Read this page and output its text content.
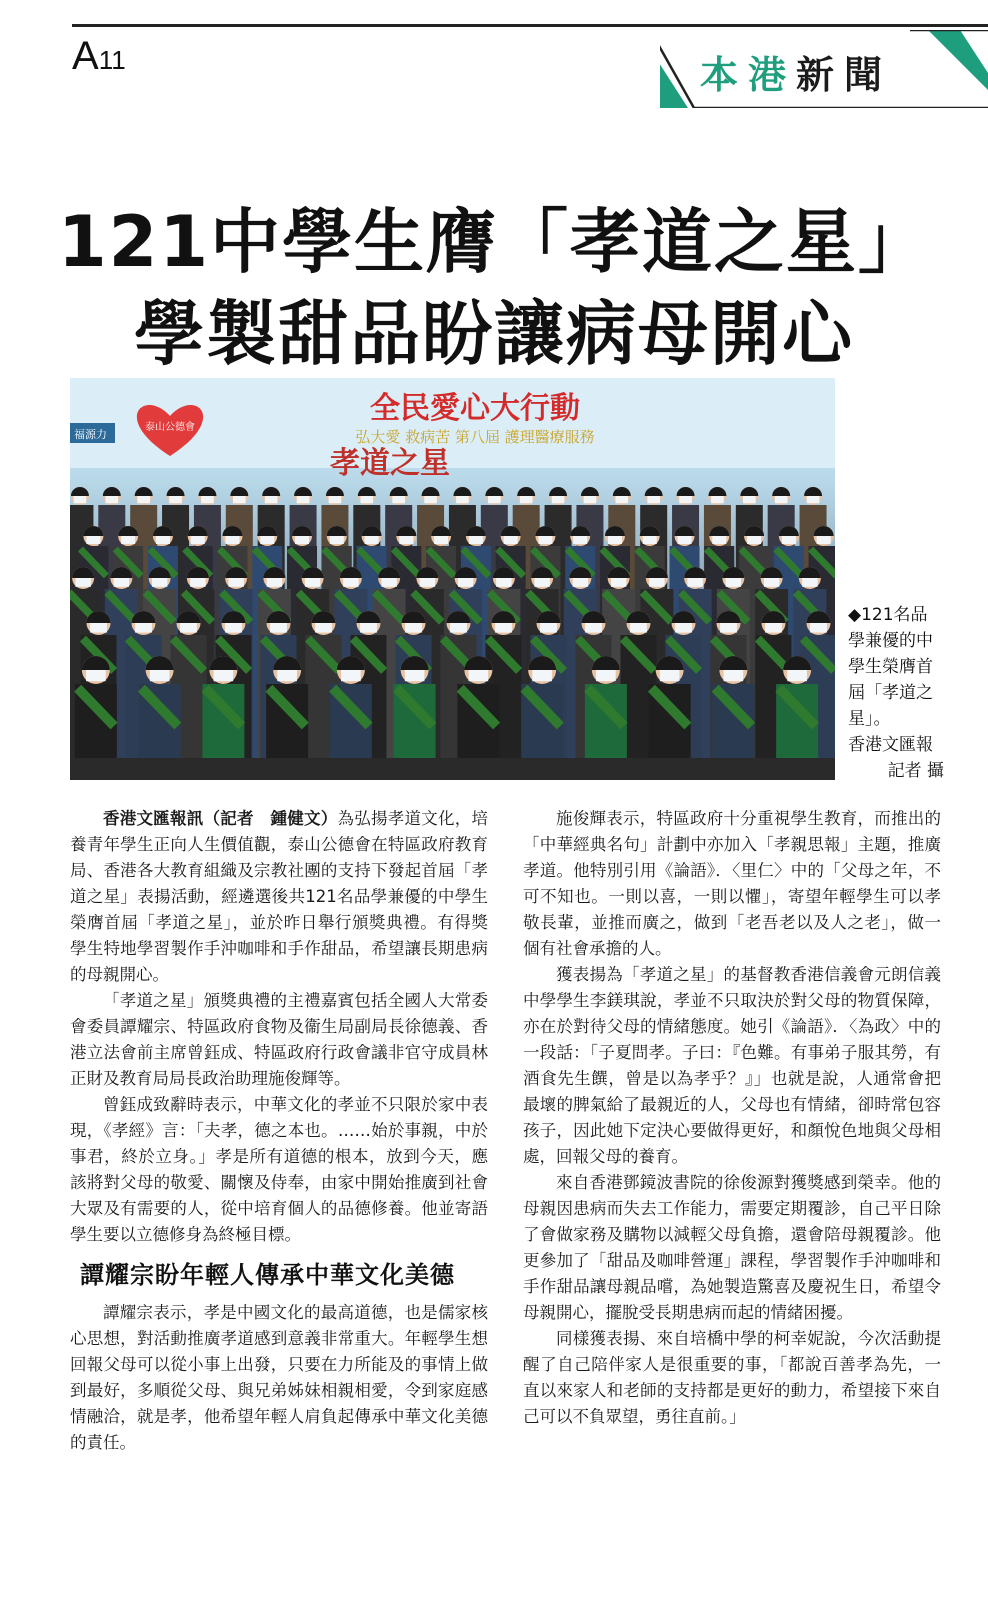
A11	本港新聞
121中學生膺「孝道之星」
學製甜品盼讓病母開心
福源力
泰山公德會
全民愛心大行動
弘大愛 救病苦 第八屆 護理醫療服務
孝道之星
◆121名品學兼優的中學生榮膺首屆「孝道之星」。
香港文匯報
記者 攝

香港文匯報訊（記者　鍾健文）為弘揚孝道文化，培養青年學生正向人生價值觀，泰山公德會在特區政府教育局、香港各大教育組織及宗教社團的支持下發起首屆「孝道之星」表揚活動，經遴選後共121名品學兼優的中學生榮膺首屆「孝道之星」，並於昨日舉行頒獎典禮。有得獎學生特地學習製作手沖咖啡和手作甜品，希望讓長期患病的母親開心。

「孝道之星」頒獎典禮的主禮嘉賓包括全國人大常委會委員譚耀宗、特區政府食物及衞生局副局長徐德義、香港立法會前主席曾鈺成、特區政府行政會議非官守成員林正財及教育局局長政治助理施俊輝等。

曾鈺成致辭時表示，中華文化的孝並不只限於家中表現，《孝經》言：「夫孝，德之本也。……始於事親，中於事君，終於立身。」孝是所有道德的根本，放到今天，應該將對父母的敬愛、關懷及侍奉，由家中開始推廣到社會大眾及有需要的人，從中培育個人的品德修養。他並寄語學生要以立德修身為終極目標。

譚耀宗盼年輕人傳承中華文化美德

譚耀宗表示，孝是中國文化的最高道德，也是儒家核心思想，對活動推廣孝道感到意義非常重大。年輕學生想回報父母可以從小事上出發，只要在力所能及的事情上做到最好，多順從父母、與兄弟姊妹相親相愛，令到家庭感情融洽，就是孝，他希望年輕人肩負起傳承中華文化美德的責任。

施俊輝表示，特區政府十分重視學生教育，而推出的「中華經典名句」計劃中亦加入「孝親思報」主題，推廣孝道。他特別引用《論語》．〈里仁〉中的「父母之年，不可不知也。一則以喜，一則以懼」，寄望年輕學生可以孝敬長輩，並推而廣之，做到「老吾老以及人之老」，做一個有社會承擔的人。

獲表揚為「孝道之星」的基督教香港信義會元朗信義中學學生李鎂琪說，孝並不只取決於對父母的物質保障，亦在於對待父母的情緒態度。她引《論語》．〈為政〉中的一段話：「子夏問孝。子曰：『色難。有事弟子服其勞，有酒食先生饌，曾是以為孝乎？』」也就是說，人通常會把最壞的脾氣給了最親近的人，父母也有情緒，卻時常包容孩子，因此她下定決心要做得更好，和顏悅色地與父母相處，回報父母的養育。

來自香港鄧鏡波書院的徐俊源對獲獎感到榮幸。他的母親因患病而失去工作能力，需要定期覆診，自己平日除了會做家務及購物以減輕父母負擔，還會陪母親覆診。他更參加了「甜品及咖啡營運」課程，學習製作手沖咖啡和手作甜品讓母親品嚐，為她製造驚喜及慶祝生日，希望令母親開心，擺脫受長期患病而起的情緒困擾。

同樣獲表揚、來自培橋中學的柯幸妮說，今次活動提醒了自己陪伴家人是很重要的事，「都說百善孝為先，一直以來家人和老師的支持都是更好的動力，希望接下來自己可以不負眾望，勇往直前。」
